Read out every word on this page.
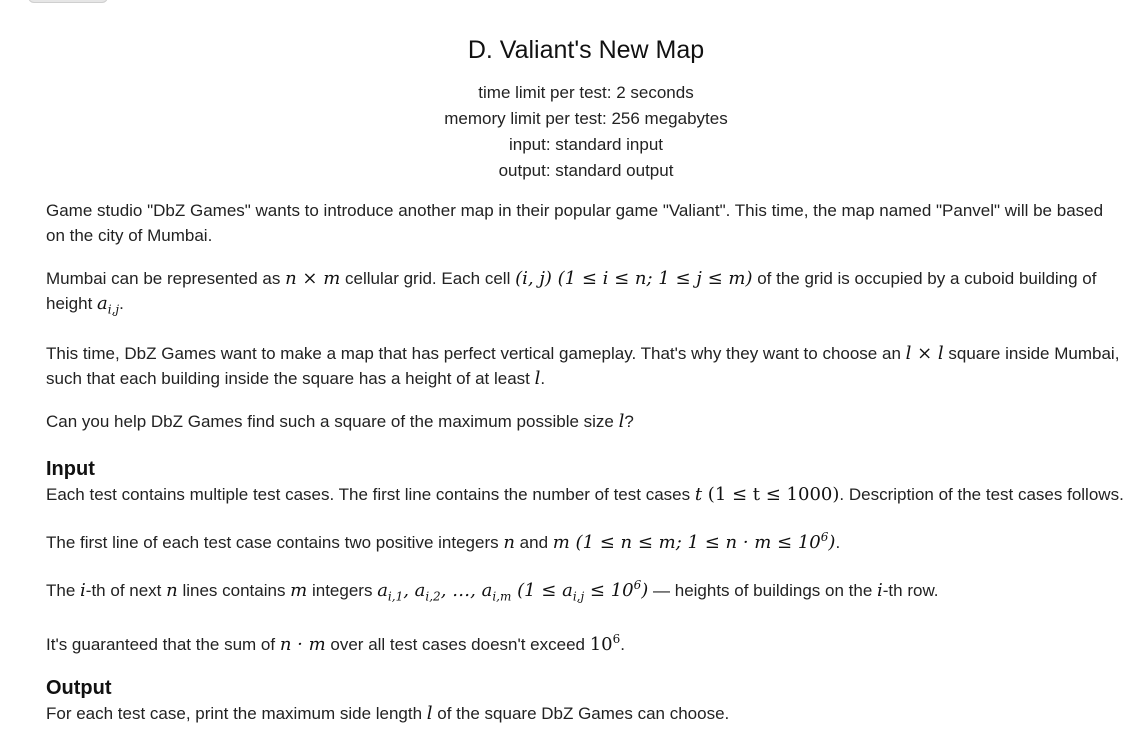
D. Valiant's New Map
time limit per test: 2 seconds
memory limit per test: 256 megabytes
input: standard input
output: standard output

Game studio "DbZ Games" wants to introduce another map in their popular game "Valiant". This time, the map named "Panvel" will be based on the city of Mumbai.

Mumbai can be represented as n × m cellular grid. Each cell (i, j) (1 ≤ i ≤ n; 1 ≤ j ≤ m) of the grid is occupied by a cuboid building of height $a_{i,j}$.

This time, DbZ Games want to make a map that has perfect vertical gameplay. That's why they want to choose an l × l square inside Mumbai, such that each building inside the square has a height of at least l.

Can you help DbZ Games find such a square of the maximum possible size l?

Input

Each test contains multiple test cases. The first line contains the number of test cases t (1 ≤ t ≤ 1000). Description of the test cases follows.

The first line of each test case contains two positive integers n and m (1 ≤ n ≤ m; $1 \le n \cdot m \le 10^6$).

The i-th of next n lines contains m integers $a_{i,1}$, $a_{i,2}$, …, $a_{i,m}$ $(1 \le a_{i,j} \le 10^6)$ — heights of buildings on the i-th row.

It's guaranteed that the sum of n · m over all test cases doesn't exceed $10^6$.

Output

For each test case, print the maximum side length l of the square DbZ Games can choose.
